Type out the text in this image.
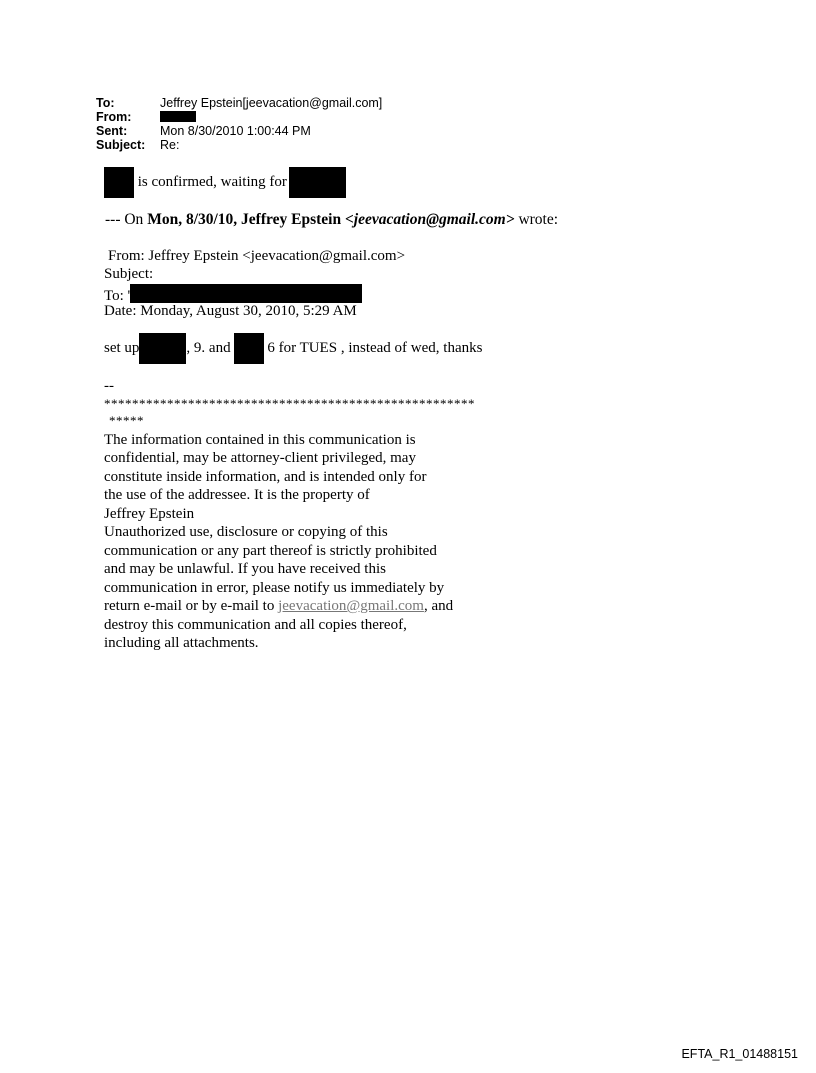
To:	Jeffrey Epstein[jeevacation@gmail.com]
From:
Sent:	Mon 8/30/2010 1:00:44 PM
Subject: Re:
is confirmed, waiting for
--- On Mon, 8/30/10, Jeffrey Epstein <jeevacation@gmail.com> wrote:
From: Jeffrey Epstein <jeevacation@gmail.com>
Subject:
To: '
Date: Monday, August 30, 2010, 5:29 AM
set up	, 9. and 6 for TUES , instead of wed, thanks
--
*****************************************************
*****
The information contained in this communication is
confidential, may be attorney-client privileged, may
constitute inside information, and is intended only for
the use of the addressee. It is the property of
Jeffrey Epstein
Unauthorized use, disclosure or copying of this
communication or any part thereof is strictly prohibited
and may be unlawful. If you have received this
communication in error, please notify us immediately by
return e-mail or by e-mail to jeevacation@gmail.com, and
destroy this communication and all copies thereof,
including all attachments.
EFTA_R1_01488151
